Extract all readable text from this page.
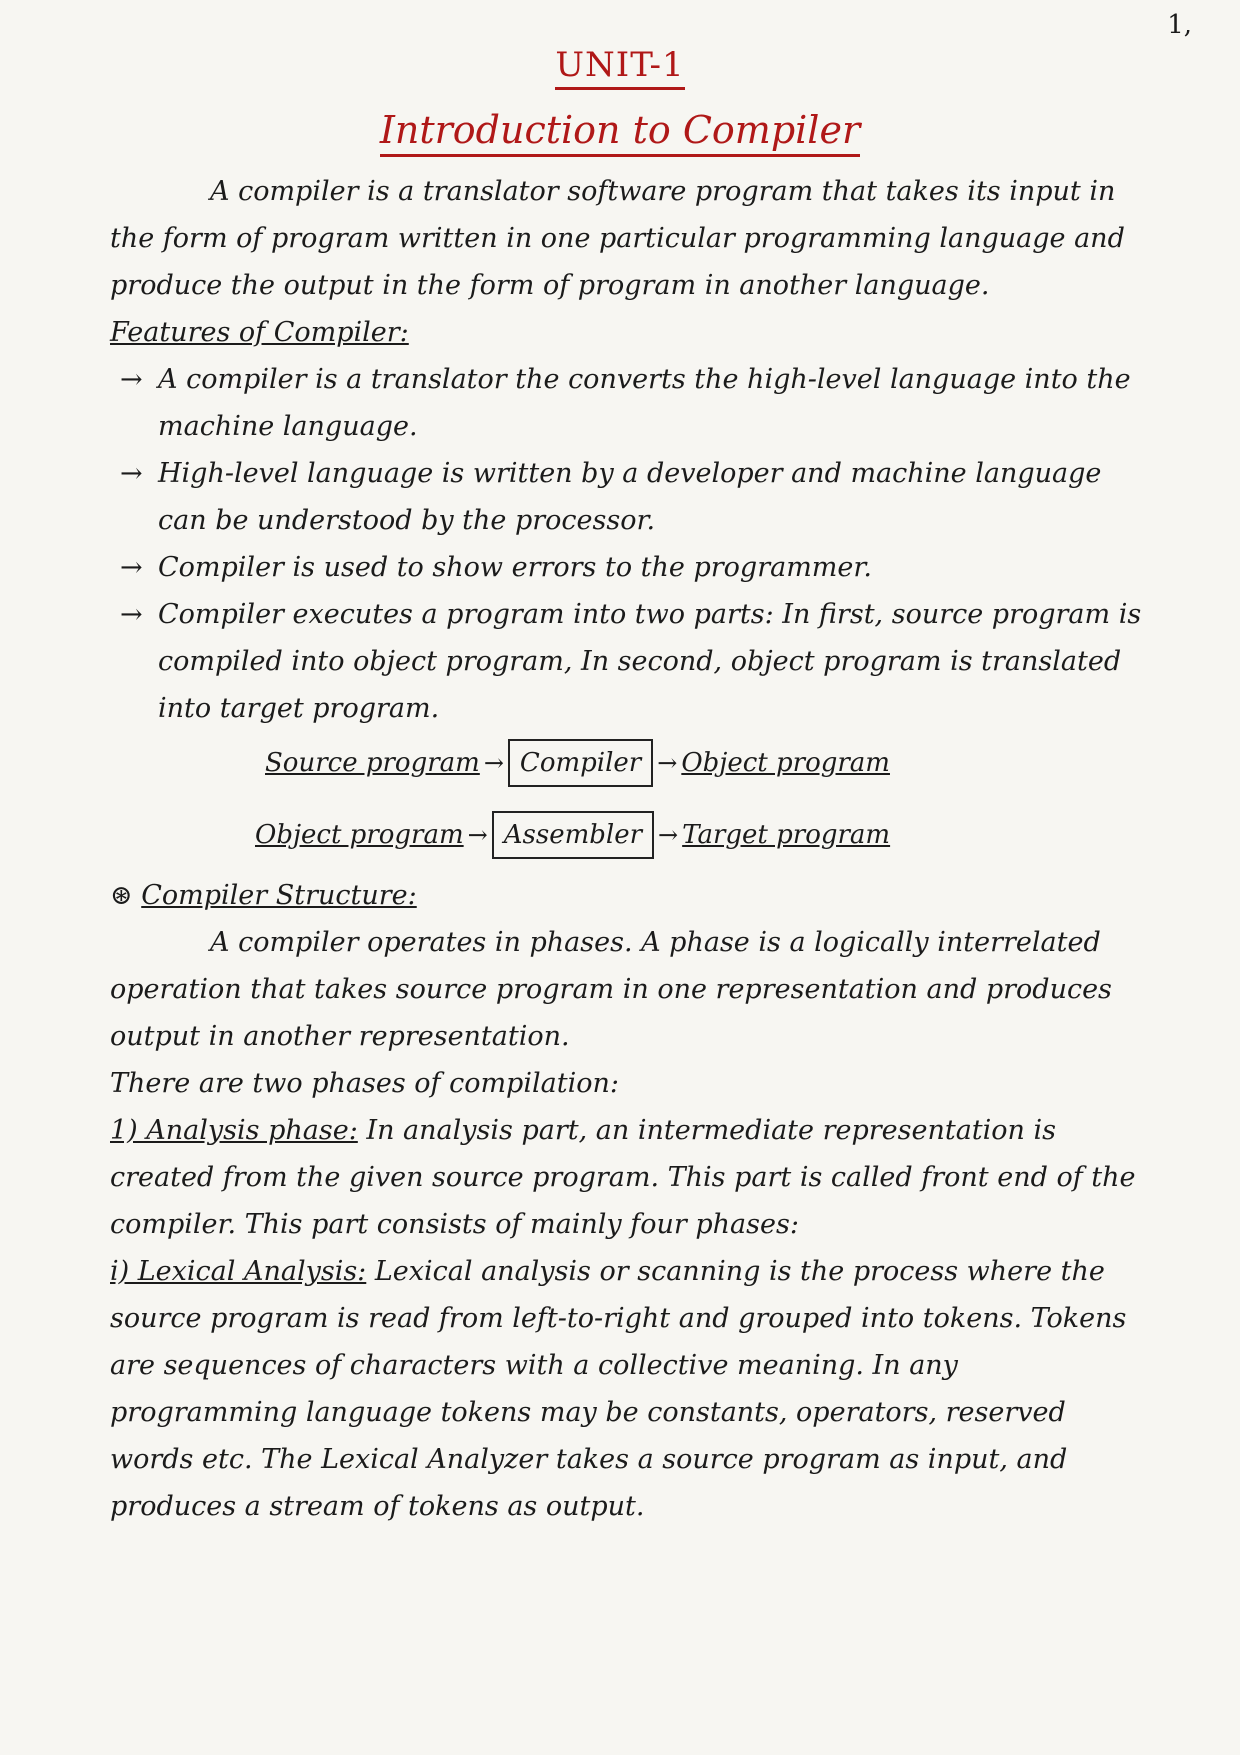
1,
UNIT-1
Introduction to Compiler

A compiler is a translator software program that takes its input in the form of program written in one particular programming language and produce the output in the form of program in another language.

Features of Compiler:
→ A compiler is a translator the converts the high-level language into the machine language.
→ High-level language is written by a developer and machine language can be understood by the processor.
→ Compiler is used to show errors to the programmer.
→ Compiler executes a program into two parts: In first, source program is compiled into object program, In second, object program is translated into target program.
Source program → Compiler → Object program
Object program → Assembler → Target program
⊛ Compiler Structure:

A compiler operates in phases. A phase is a logically interrelated operation that takes source program in one representation and produces output in another representation.

There are two phases of compilation:

1) Analysis phase: In analysis part, an intermediate representation is created from the given source program. This part is called front end of the compiler. This part consists of mainly four phases:

i) Lexical Analysis: Lexical analysis or scanning is the process where the source program is read from left-to-right and grouped into tokens. Tokens are sequences of characters with a collective meaning. In any programming language tokens may be constants, operators, reserved words etc. The Lexical Analyzer takes a source program as input, and produces a stream of tokens as output.
